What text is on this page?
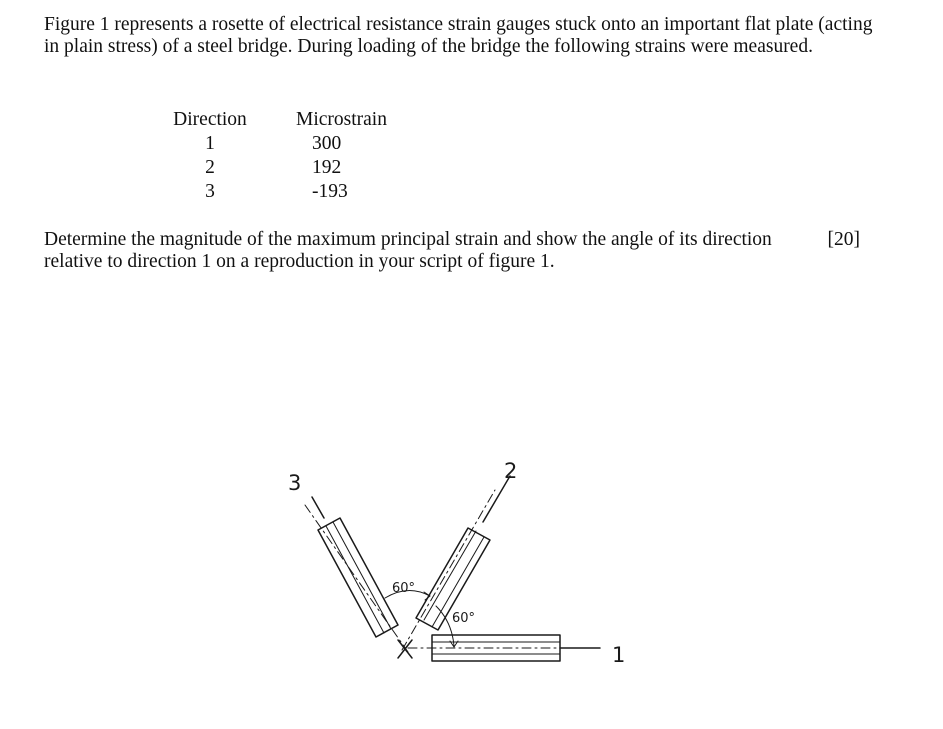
Figure 1 represents a rosette of electrical resistance strain gauges stuck onto an important flat plate (acting in plain stress) of a steel bridge. During loading of the bridge the following strains were measured.

Direction
1
2
3
Microstrain
300
192
-193

[20]
Determine the magnitude of the maximum principal strain and show the angle of its direction relative to direction 1 on a reproduction in your script of figure 1.

1
2
3
60°
60°
